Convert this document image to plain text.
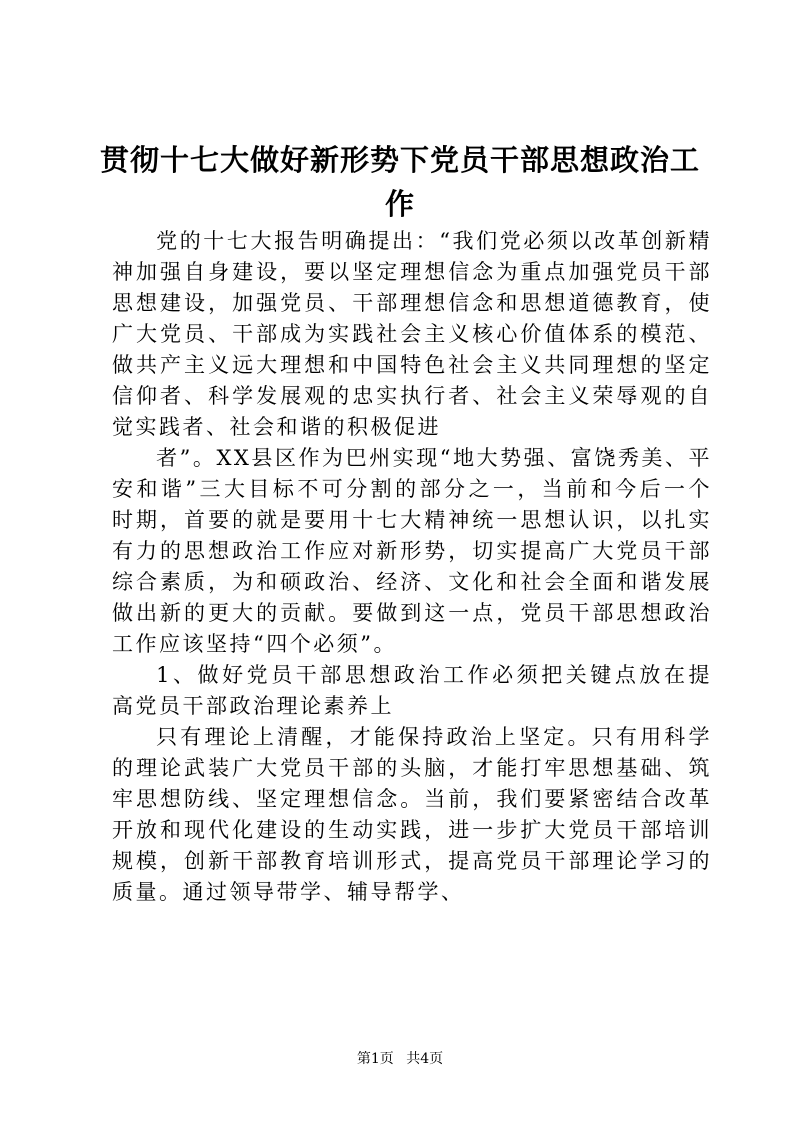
贯彻十七大做好新形势下党员干部思想政治工作

党的十七大报告明确提出：“我们党必须以改革创新精神加强自身建设，要以坚定理想信念为重点加强党员干部思想建设，加强党员、干部理想信念和思想道德教育，使广大党员、干部成为实践社会主义核心价值体系的模范、做共产主义远大理想和中国特色社会主义共同理想的坚定信仰者、科学发展观的忠实执行者、社会主义荣辱观的自觉实践者、社会和谐的积极促进

者”。XX县区作为巴州实现“地大势强、富饶秀美、平安和谐”三大目标不可分割的部分之一，当前和今后一个时期，首要的就是要用十七大精神统一思想认识，以扎实有力的思想政治工作应对新形势，切实提高广大党员干部综合素质，为和硕政治、经济、文化和社会全面和谐发展做出新的更大的贡献。要做到这一点，党员干部思想政治工作应该坚持“四个必须”。

1、做好党员干部思想政治工作必须把关键点放在提高党员干部政治理论素养上

只有理论上清醒，才能保持政治上坚定。只有用科学的理论武装广大党员干部的头脑，才能打牢思想基础、筑牢思想防线、坚定理想信念。当前，我们要紧密结合改革开放和现代化建设的生动实践，进一步扩大党员干部培训规模，创新干部教育培训形式，提高党员干部理论学习的质量。通过领导带学、辅导帮学、

第1页 共4页
